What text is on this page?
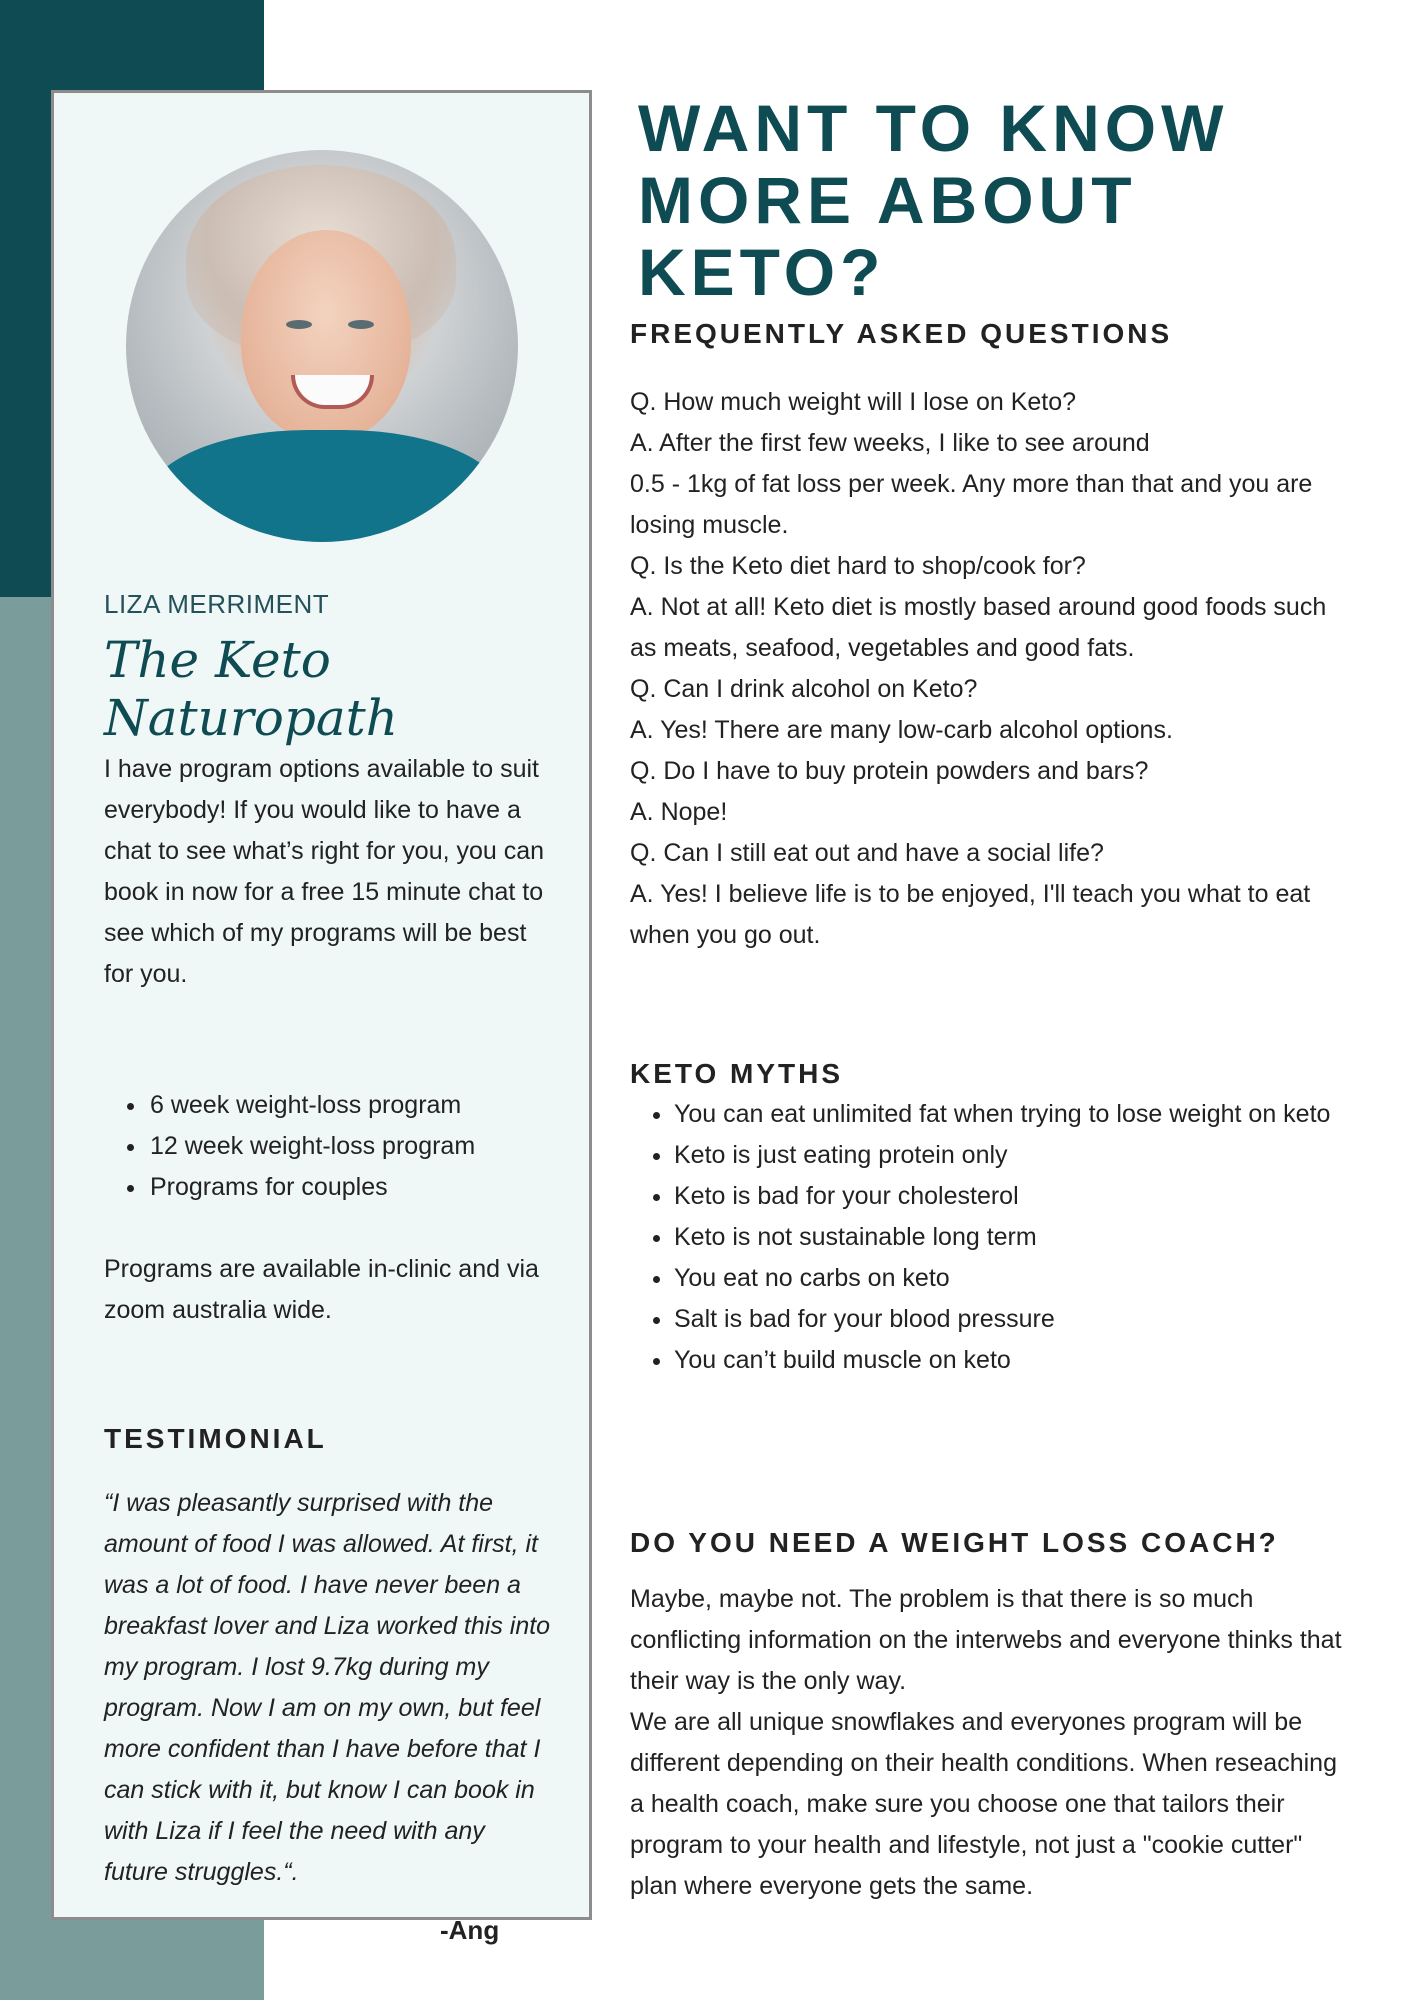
LIZA MERRIMENT
The Keto Naturopath
I have program options available to suit everybody! If you would like to have a chat to see what’s right for you, you can book in now for a free 15 minute chat to see which of my programs will be best for you.
• 6 week weight-loss program
• 12 week weight-loss program
• Programs for couples
Programs are available in-clinic and via zoom australia wide.
TESTIMONIAL
“I was pleasantly surprised with the amount of food I was allowed. At first, it was a lot of food. I have never been a breakfast lover and Liza worked this into my program. I lost 9.7kg during my program. Now I am on my own, but feel more confident than I have before that I can stick with it, but know I can book in with Liza if I feel the need with any future struggles.“.
-Ang
WANT TO KNOW
MORE ABOUT KETO?
FREQUENTLY ASKED QUESTIONS
Q. How much weight will I lose on Keto?
A. After the first few weeks, I like to see around
0.5 - 1kg of fat loss per week. Any more than that and you are losing muscle.
Q. Is the Keto diet hard to shop/cook for?
A. Not at all! Keto diet is mostly based around good foods such as meats, seafood, vegetables and good fats.
Q. Can I drink alcohol on Keto?
A. Yes! There are many low-carb alcohol options.
Q. Do I have to buy protein powders and bars?
A. Nope!
Q. Can I still eat out and have a social life?
A. Yes! I believe life is to be enjoyed, I'll teach you what to eat when you go out.
KETO MYTHS
• You can eat unlimited fat when trying to lose weight on keto
• Keto is just eating protein only
• Keto is bad for your cholesterol
• Keto is not sustainable long term
• You eat no carbs on keto
• Salt is bad for your blood pressure
• You can’t build muscle on keto
DO YOU NEED A WEIGHT LOSS COACH?
Maybe, maybe not. The problem is that there is so much conflicting information on the interwebs and everyone thinks that their way is the only way.
We are all unique snowflakes and everyones program will be different depending on their health conditions. When reseaching a health coach, make sure you choose one that tailors their program to your health and lifestyle, not just a "cookie cutter" plan where everyone gets the same.
